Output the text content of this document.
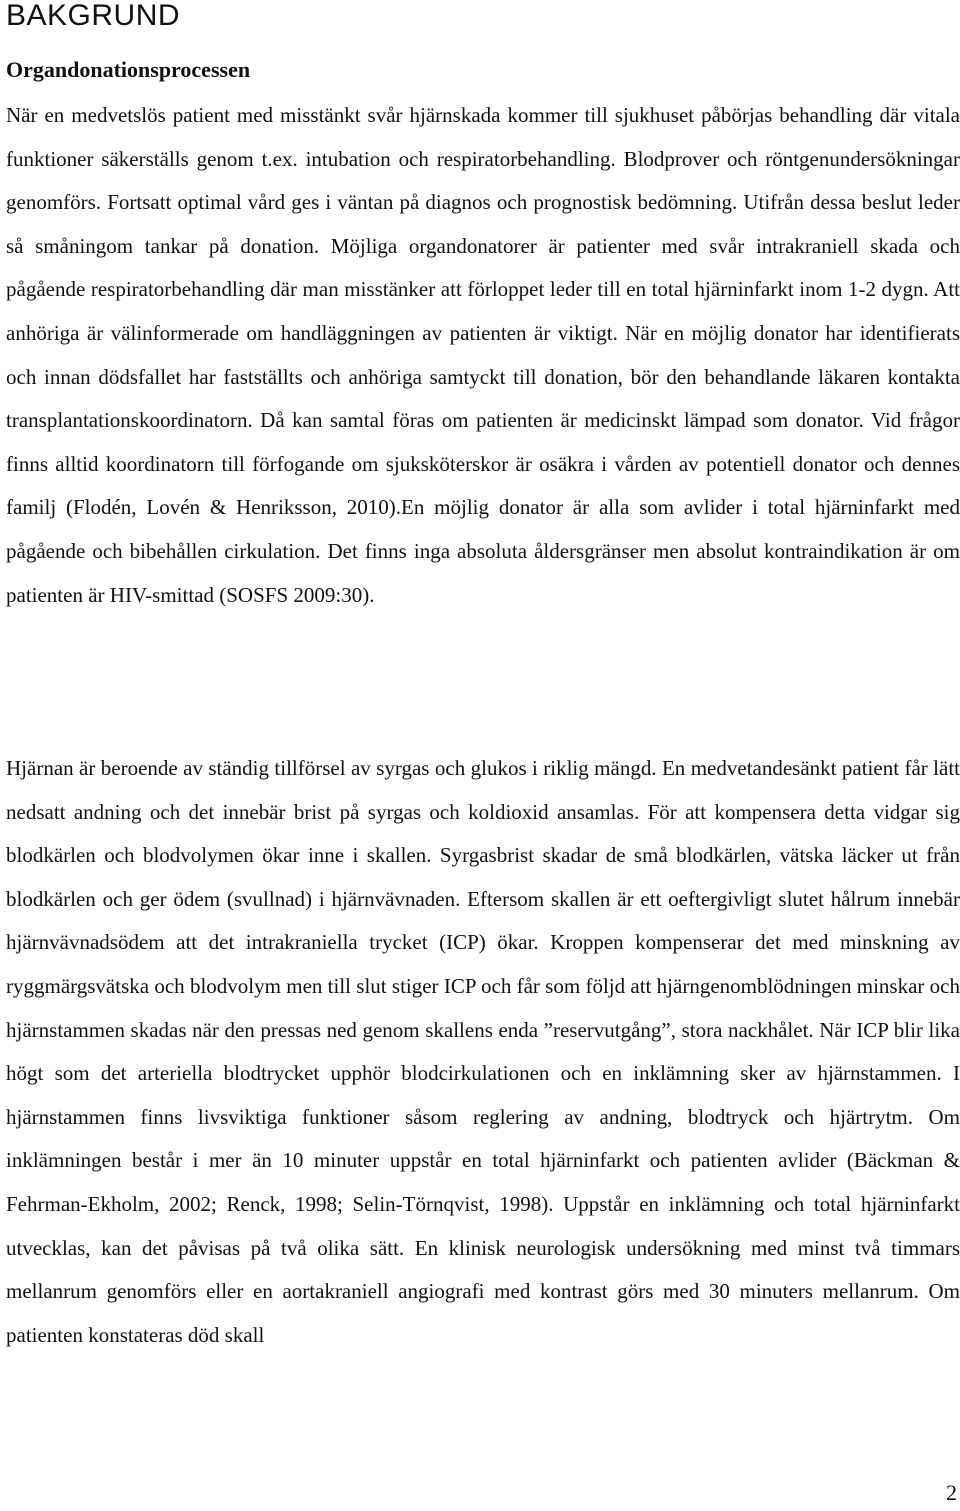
BAKGRUND
Organdonationsprocessen

När en medvetslös patient med misstänkt svår hjärnskada kommer till sjukhuset påbörjas behandling där vitala funktioner säkerställs genom t.ex. intubation och respiratorbehandling. Blodprover och röntgenundersökningar genomförs. Fortsatt optimal vård ges i väntan på diagnos och prognostisk bedömning. Utifrån dessa beslut leder så småningom tankar på donation. Möjliga organdonatorer är patienter med svår intrakraniell skada och pågående respiratorbehandling där man misstänker att förloppet leder till en total hjärninfarkt inom 1-2 dygn. Att anhöriga är välinformerade om handläggningen av patienten är viktigt. När en möjlig donator har identifierats och innan dödsfallet har fastställts och anhöriga samtyckt till donation, bör den behandlande läkaren kontakta transplantationskoordinatorn. Då kan samtal föras om patienten är medicinskt lämpad som donator. Vid frågor finns alltid koordinatorn till förfogande om sjuksköterskor är osäkra i vården av potentiell donator och dennes familj (Flodén, Lovén & Henriksson, 2010).En möjlig donator är alla som avlider i total hjärninfarkt med pågående och bibehållen cirkulation. Det finns inga absoluta åldersgränser men absolut kontraindikation är om patienten är HIV-smittad (SOSFS 2009:30).

Hjärnan är beroende av ständig tillförsel av syrgas och glukos i riklig mängd. En medvetandesänkt patient får lätt nedsatt andning och det innebär brist på syrgas och koldioxid ansamlas. För att kompensera detta vidgar sig blodkärlen och blodvolymen ökar inne i skallen. Syrgasbrist skadar de små blodkärlen, vätska läcker ut från blodkärlen och ger ödem (svullnad) i hjärnvävnaden. Eftersom skallen är ett oeftergivligt slutet hålrum innebär hjärnvävnadsödem att det intrakraniella trycket (ICP) ökar. Kroppen kompenserar det med minskning av ryggmärgsvätska och blodvolym men till slut stiger ICP och får som följd att hjärngenomblödningen minskar och hjärnstammen skadas när den pressas ned genom skallens enda ”reservutgång”, stora nackhålet. När ICP blir lika högt som det arteriella blodtrycket upphör blodcirkulationen och en inklämning sker av hjärnstammen. I hjärnstammen finns livsviktiga funktioner såsom reglering av andning, blodtryck och hjärtrytm. Om inklämningen består i mer än 10 minuter uppstår en total hjärninfarkt och patienten avlider (Bäckman & Fehrman-Ekholm, 2002; Renck, 1998; Selin-Törnqvist, 1998). Uppstår en inklämning och total hjärninfarkt utvecklas, kan det påvisas på två olika sätt. En klinisk neurologisk undersökning med minst två timmars mellanrum genomförs eller en aortakraniell angiografi med kontrast görs med 30 minuters mellanrum. Om patienten konstateras död skall

2
